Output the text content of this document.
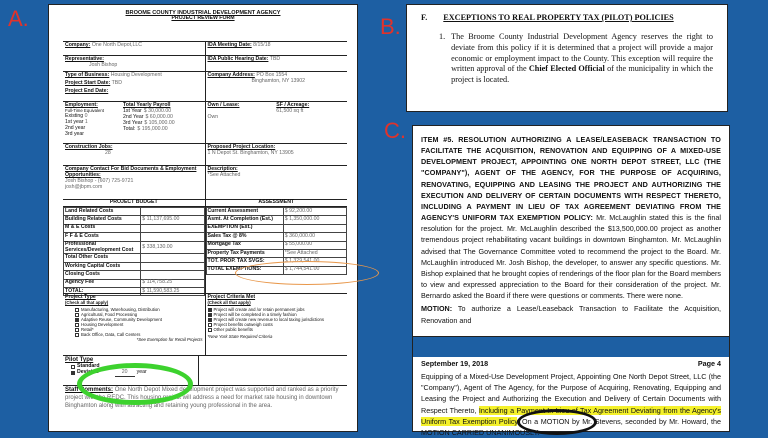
A.	B.
C.
BROOME COUNTY INDUSTRIAL DEVELOPMENT AGENCY
PROJECT REVIEW FORM
Company: One North Depot,LLC	IDA Meeting Date: 8/15/18
Representative:
Josh Bishop
IDA Public Hearing Date: TBD
Type of Business: Housing Development
Project Start Date: TBD
Project End Date:
Company Address: PO Box 1554
Binghamton, NY 13902
Employment:
Full-Time Equivalent
Existing 0
1st year 1
2nd year
3rd year
Total Yearly Payroll
1st Year $ 30,000.00
2nd Year $ 60,000.00
3rd Year $ 105,000.00
Total: $ 195,000.00
Own / Lease:

Own
SF / Acreage:
61,500 sq ft
Construction Jobs:
28
Proposed Project Location:
1 N Depot St. Binghamton, NY 13905
Company Contact For Bid Documents & Employment Opportunities:
Josh Bishop - (607) 725-9721
josh@jbpm.com
Description:
*See Attached
PROJECT BUDGET
Land Related Costs	
Building Related Costs	$ 11,137,695.00
M & E Costs	
F F & E Costs	
Professional Services/Development Cost	$ 338,130.00
Total Other Costs	
Working Capital Costs	
Closing Costs	
Agency Fee	$ 114,758.25
TOTAL:	$ 11,590,583.25
ASSESSMENT
Current Assessment	$ 92,200.00
Asmt. At Completion (Est.)	$ 1,350,000.00
EXEMPTION (Est.)	
Sales Tax @ 8%	$ 360,000.00
Mortgage Tax	$ 55,000.00
Property Tax Payments	*See Attached
TOT. PROP. TAX SVGS:	$ 1,329,541.00
TOTAL EXEMPTIONS:	$ 1,744,541.00
Project Type
(Check all that apply)
Manufacturing, Warehousing, Distribution
Agricultural, Food Processing
Adaptive Reuse, Community Development
Housing Development
Retail*
Back Office, Data, Call Centers
*See Exemption for Retail Projects
Project Criteria Met
(Check all that apply)
Project will create and /or retain permanent jobs
Project will be completed in a timely fashion
Project will create new revenue to local taxing jurisdictions
Project benefits outweigh costs
Other public benefits
*New York State Required Criteria
Pilot Type
Standard	year
Deviated	20	year
Staff Comments: One North Depot Mixed development project was supported and ranked as a priority project with the REDC. This housing project will address a need for market rate housing in downtown Binghamton along with attracting and retaining young professional in the area.
F. EXCEPTIONS TO REAL PROPERTY TAX (PILOT) POLICIES
1. The Broome County Industrial Development Agency reserves the right to deviate from this policy if it is determined that a project will provide a major economic or employment impact to the County. This exception will require the written approval of the Chief Elected Official of the municipality in which the project is located.

ITEM #5. RESOLUTION AUTHORIZING A LEASE/LEASEBACK TRANSACTION TO FACILITATE THE ACQUISITION, RENOVATION AND EQUIPPING OF A MIXED-USE DEVELOPMENT PROJECT, APPOINTING ONE NORTH DEPOT STREET, LLC (THE "COMPANY"), AGENT OF THE AGENCY, FOR THE PURPOSE OF ACQUIRING, RENOVATING, EQUIPPING AND LEASING THE PROJECT AND AUTHORIZING THE EXECUTION AND DELIVERY OF CERTAIN DOCUMENTS WITH RESPECT THERETO, INCLUDING A PAYMENT IN LIEU OF TAX AGREEMENT DEVIATING FROM THE AGENCY'S UNIFORM TAX EXEMPTION POLICY: Mr. McLaughlin stated this is the final resolution for the project. Mr. McLaughlin described the $13,500,000.00 project as another tremendous project rehabilitating vacant buildings in downtown Binghamton. Mr. McLaughlin advised that The Governance Committee voted to recommend the project to the Board. Mr. McLaughlin introduced Mr. Josh Bishop, the developer, to answer any specific questions. Mr. Bishop explained that he brought copies of renderings of the floor plan for the Board members to view and expressed appreciation to the Board for their consideration of the project. Mr. Bernardo asked the Board if there were questions or comments. There were none.

MOTION: To authorize a Lease/Leaseback Transaction to Facilitate the Acquisition, Renovation and

September 19, 2018	Page 4

Equipping of a Mixed-Use Development Project, Appointing One North Depot Street, LLC (the "Company"), Agent of The Agency, for the Purpose of Acquiring, Renovating, Equipping and Leasing the Project and Authorizing the Execution and Delivery of Certain Documents with Respect Thereto, Including a Payment In Lieu of Tax Agreement Deviating from the Agency's Uniform Tax Exemption Policy. On a MOTION by Mr. Stevens, seconded by Mr. Howard, the MOTION CARRIED UNANIMOUSLY.
